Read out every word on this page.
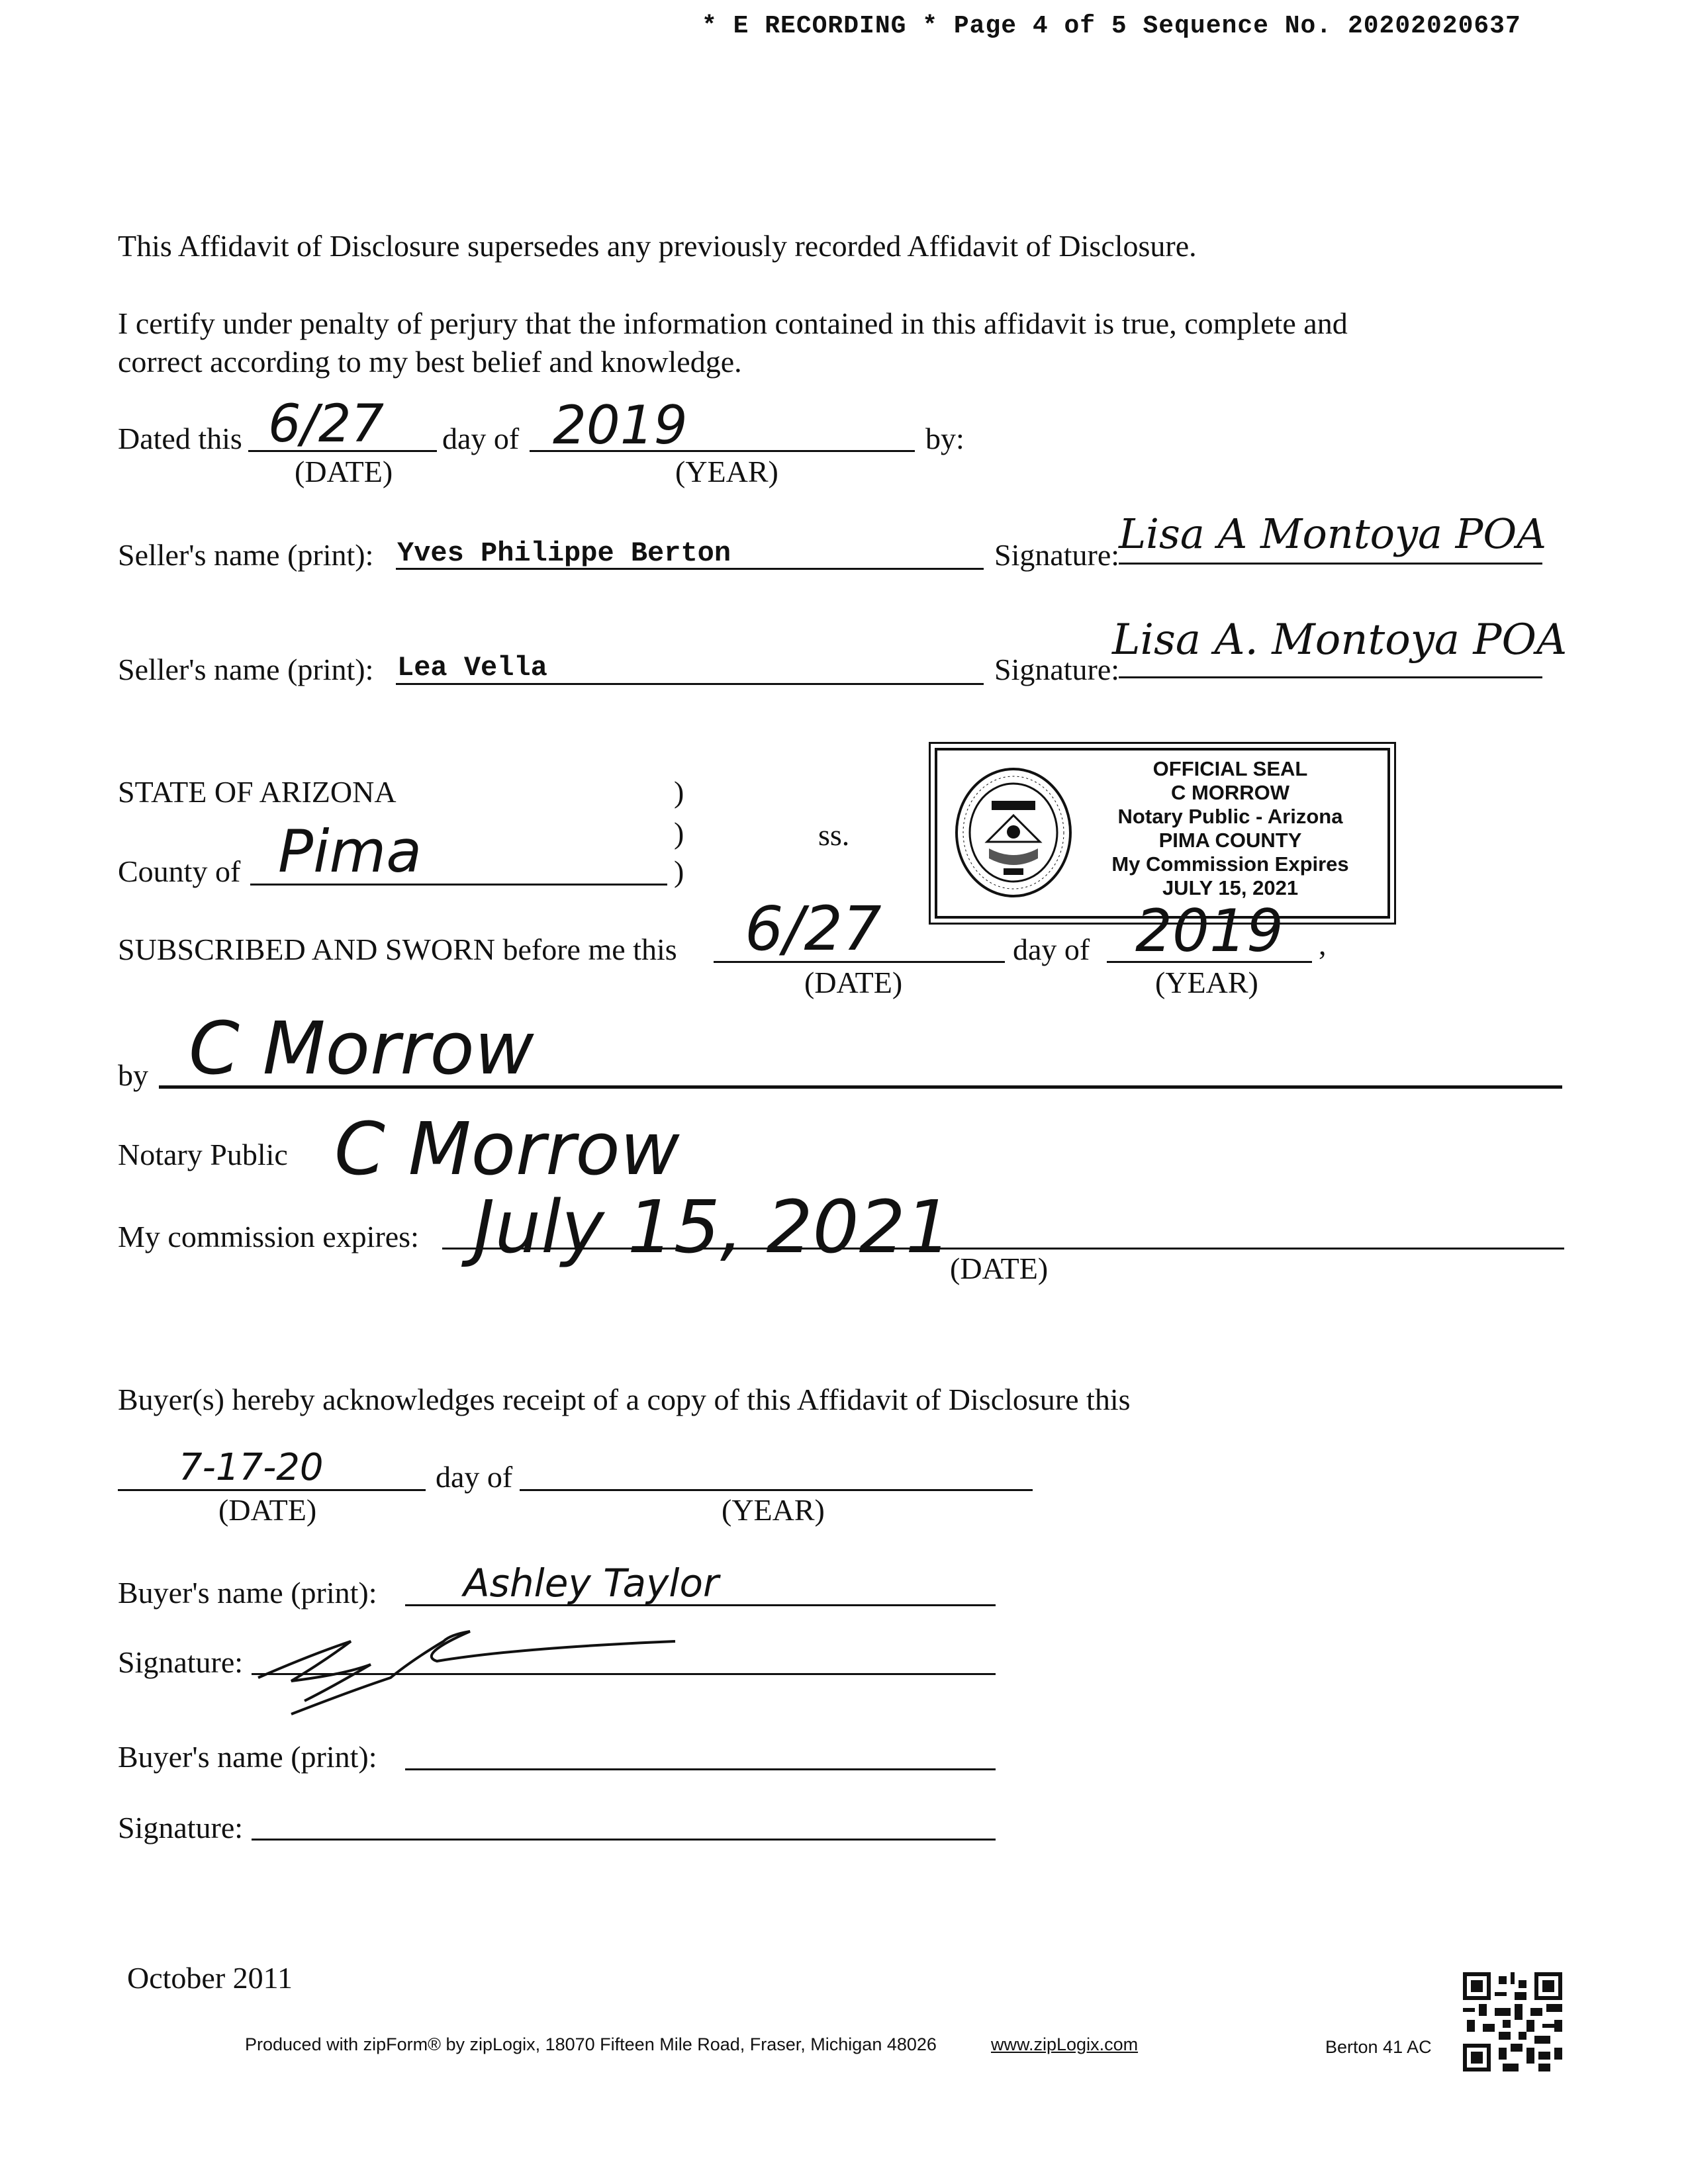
* E RECORDING * Page 4 of 5 Sequence No. 20202020637
This Affidavit of Disclosure supersedes any previously recorded Affidavit of Disclosure.
I certify under penalty of perjury that the information contained in this affidavit is true, complete and
correct according to my best belief and knowledge.
Dated this 6/27 day of 2019	by:
(DATE)	(YEAR)
Seller's name (print): Yves Philippe Berton	Signature:
Lisa A Montoya POA
Seller's name (print): Lea Vella	Signature:
Lisa A. Montoya POA
STATE OF ARIZONA	)
)
)
ss.
County of Pima
OFFICIAL SEAL
C MORROW
Notary Public - Arizona
PIMA COUNTY
My Commission Expires
JULY 15, 2021
SUBSCRIBED AND SWORN before me this 6/27	day of 2019 ,
(DATE)	(YEAR)
by C Morrow
Notary Public C Morrow
My commission expires: July 15, 2021
(DATE)
Buyer(s) hereby acknowledges receipt of a copy of this Affidavit of Disclosure this
7-17-20	day of
(DATE)	(YEAR)
Buyer's name (print): Ashley Taylor
Signature:
Buyer's name (print):
Signature:
October 2011
Produced with zipForm® by zipLogix, 18070 Fifteen Mile Road, Fraser, Michigan 48026	www.zipLogix.com	Berton 41 AC
